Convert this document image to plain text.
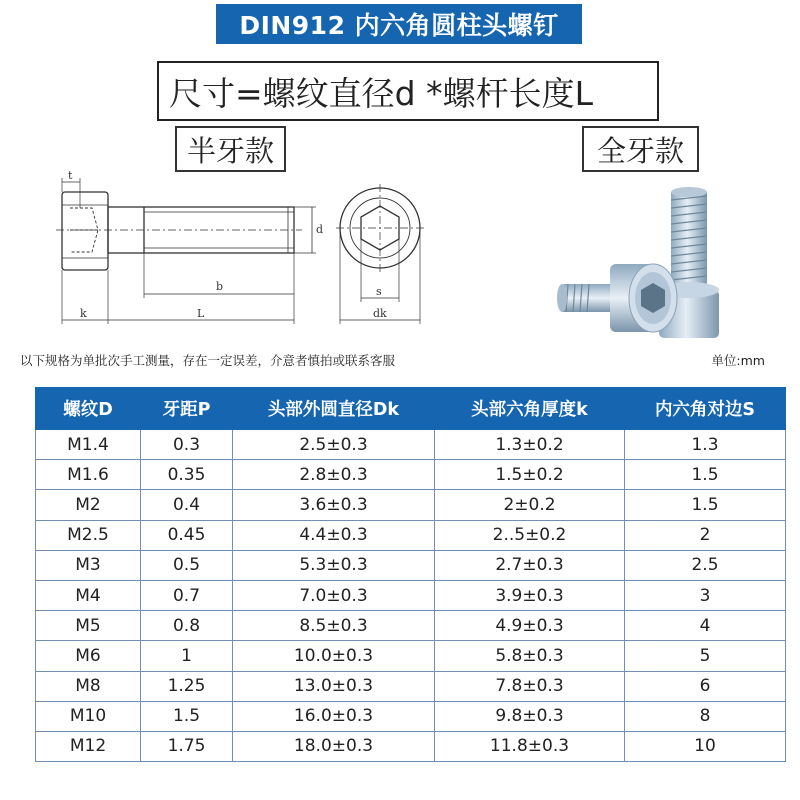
DIN912 内六角圆柱头螺钉
尺寸=螺纹直径d *螺杆长度L
半牙款	全牙款
t
d
b
k	L
s
dk
以下规格为单批次手工测量，存在一定误差，介意者慎拍或联系客服	单位:mm
螺纹D	牙距P	头部外圆直径Dk	头部六角厚度k	内六角对边S
M1.4	0.3	2.5±0.3	1.3±0.2	1.3
M1.6	0.35	2.8±0.3	1.5±0.2	1.5
M2	0.4	3.6±0.3	2±0.2	1.5
M2.5	0.45	4.4±0.3	2..5±0.2	2
M3	0.5	5.3±0.3	2.7±0.3	2.5
M4	0.7	7.0±0.3	3.9±0.3	3
M5	0.8	8.5±0.3	4.9±0.3	4
M6	1	10.0±0.3	5.8±0.3	5
M8	1.25	13.0±0.3	7.8±0.3	6
M10	1.5	16.0±0.3	9.8±0.3	8
M12	1.75	18.0±0.3	11.8±0.3	10
